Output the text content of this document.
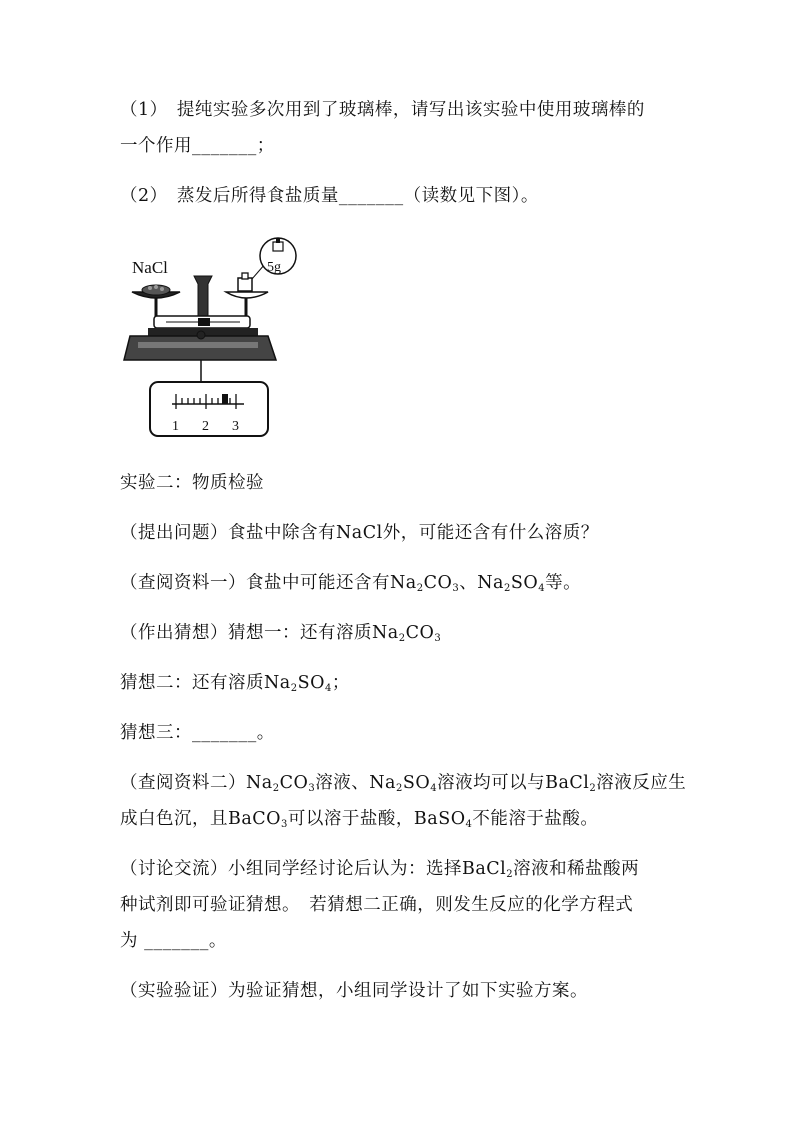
（1）　提纯实验多次用到了玻璃棒，请写出该实验中使用玻璃棒的

一个作用_______；

（2）　蒸发后所得食盐质量_______（读数见下图）。

NaCl	5g
1 2 3

实验二：物质检验

（提出问题）食盐中除含有NaCl外，可能还含有什么溶质？

（查阅资料一）食盐中可能还含有$Na_2CO_3$、$Na_2SO_4$等。

（作出猜想）猜想一：还有溶质$Na_2CO_3$

猜想二：还有溶质$Na_2SO_4$；

猜想三：_______。

（查阅资料二）$Na_2CO_3$溶液、$Na_2SO_4$溶液均可以与BaCl$_2$溶液反应生

成白色沉，且BaCO$_3$可以溶于盐酸，BaSO$_4$不能溶于盐酸。

（讨论交流）小组同学经讨论后认为：选择BaCl$_2$溶液和稀盐酸两

种试剂即可验证猜想。　若猜想二正确，则发生反应的化学方程式

为 _______。

（实验验证）为验证猜想，小组同学设计了如下实验方案。
